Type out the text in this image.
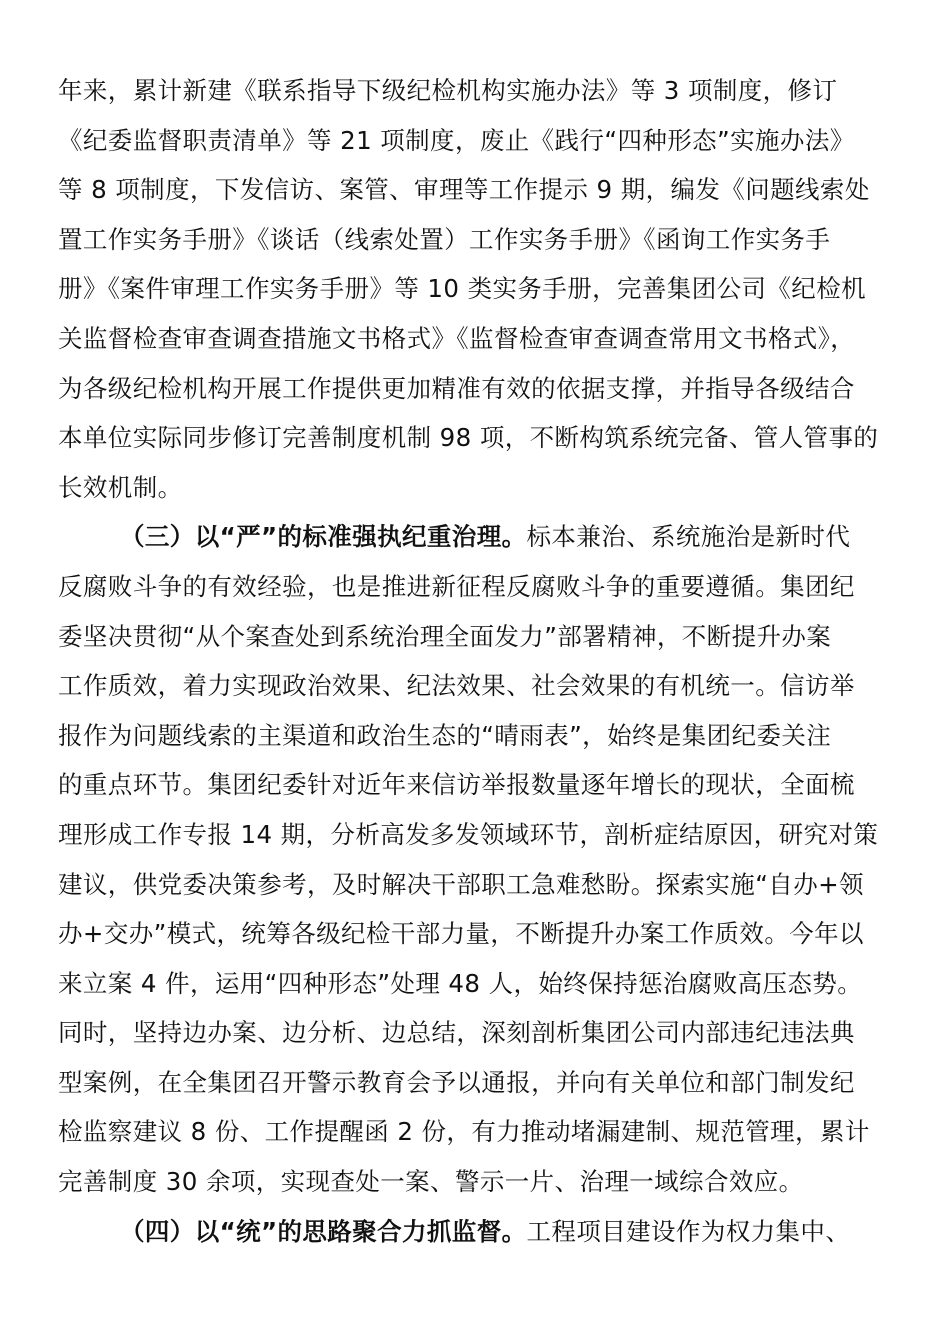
年来，累计新建《联系指导下级纪检机构实施办法》等 3 项制度，修订
《纪委监督职责清单》等 21 项制度，废止《践行“四种形态”实施办法》
等 8 项制度，下发信访、案管、审理等工作提示 9 期，编发《问题线索处
置工作实务手册》《谈话（线索处置）工作实务手册》《函询工作实务手
册》《案件审理工作实务手册》等 10 类实务手册，完善集团公司《纪检机
关监督检查审查调查措施文书格式》《监督检查审查调查常用文书格式》，
为各级纪检机构开展工作提供更加精准有效的依据支撑，并指导各级结合
本单位实际同步修订完善制度机制 98 项，不断构筑系统完备、管人管事的
长效机制。
（三）以“严”的标准强执纪重治理。标本兼治、系统施治是新时代
反腐败斗争的有效经验，也是推进新征程反腐败斗争的重要遵循。集团纪
委坚决贯彻“从个案查处到系统治理全面发力”部署精神，不断提升办案
工作质效，着力实现政治效果、纪法效果、社会效果的有机统一。信访举
报作为问题线索的主渠道和政治生态的“晴雨表”，始终是集团纪委关注
的重点环节。集团纪委针对近年来信访举报数量逐年增长的现状，全面梳
理形成工作专报 14 期，分析高发多发领域环节，剖析症结原因，研究对策
建议，供党委决策参考，及时解决干部职工急难愁盼。探索实施“自办+领
办+交办”模式，统筹各级纪检干部力量，不断提升办案工作质效。今年以
来立案 4 件，运用“四种形态”处理 48 人，始终保持惩治腐败高压态势。
同时，坚持边办案、边分析、边总结，深刻剖析集团公司内部违纪违法典
型案例，在全集团召开警示教育会予以通报，并向有关单位和部门制发纪
检监察建议 8 份、工作提醒函 2 份，有力推动堵漏建制、规范管理，累计
完善制度 30 余项，实现查处一案、警示一片、治理一域综合效应。
（四）以“统”的思路聚合力抓监督。工程项目建设作为权力集中、
